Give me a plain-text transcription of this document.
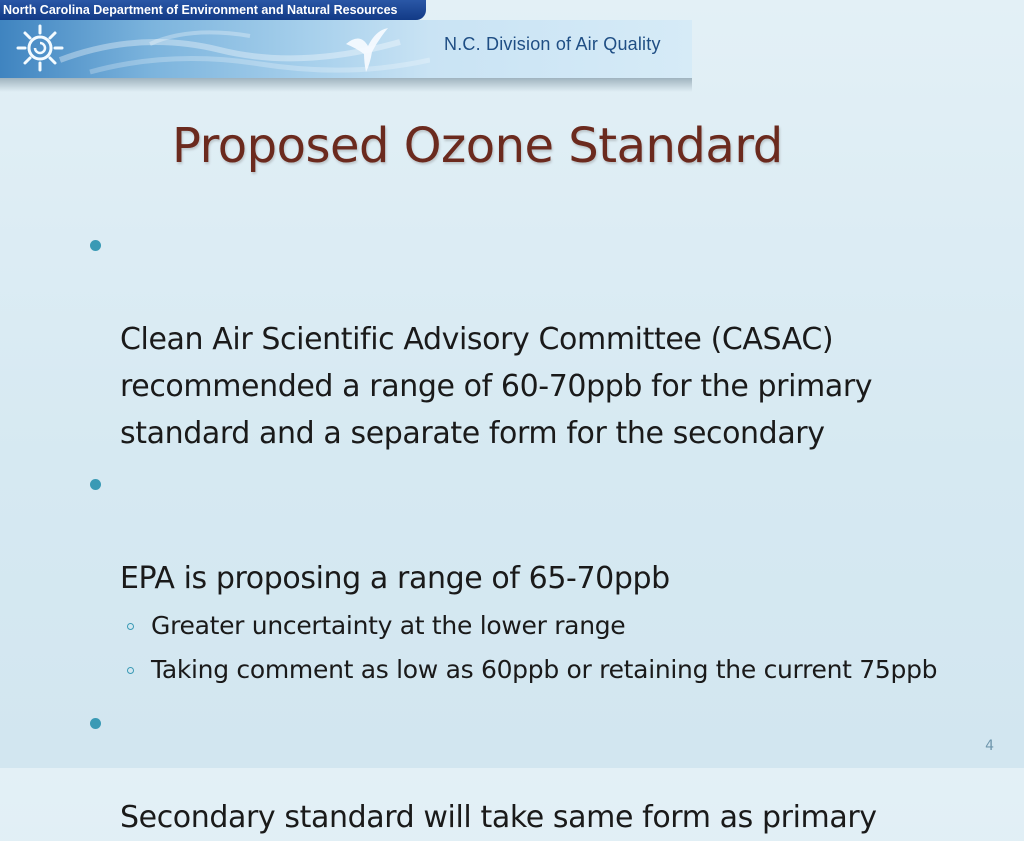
North Carolina Department of Environment and Natural Resources
N.C. Division of Air Quality
Proposed Ozone Standard

Clean Air Scientific Advisory Committee (CASAC) recommended a range of 60-70ppb for the primary standard and a separate form for the secondary

EPA is proposing a range of 65-70ppb

Greater uncertainty at the lower range
Taking comment as low as 60ppb or retaining the current 75ppb

Secondary standard will take same form as primary

4
